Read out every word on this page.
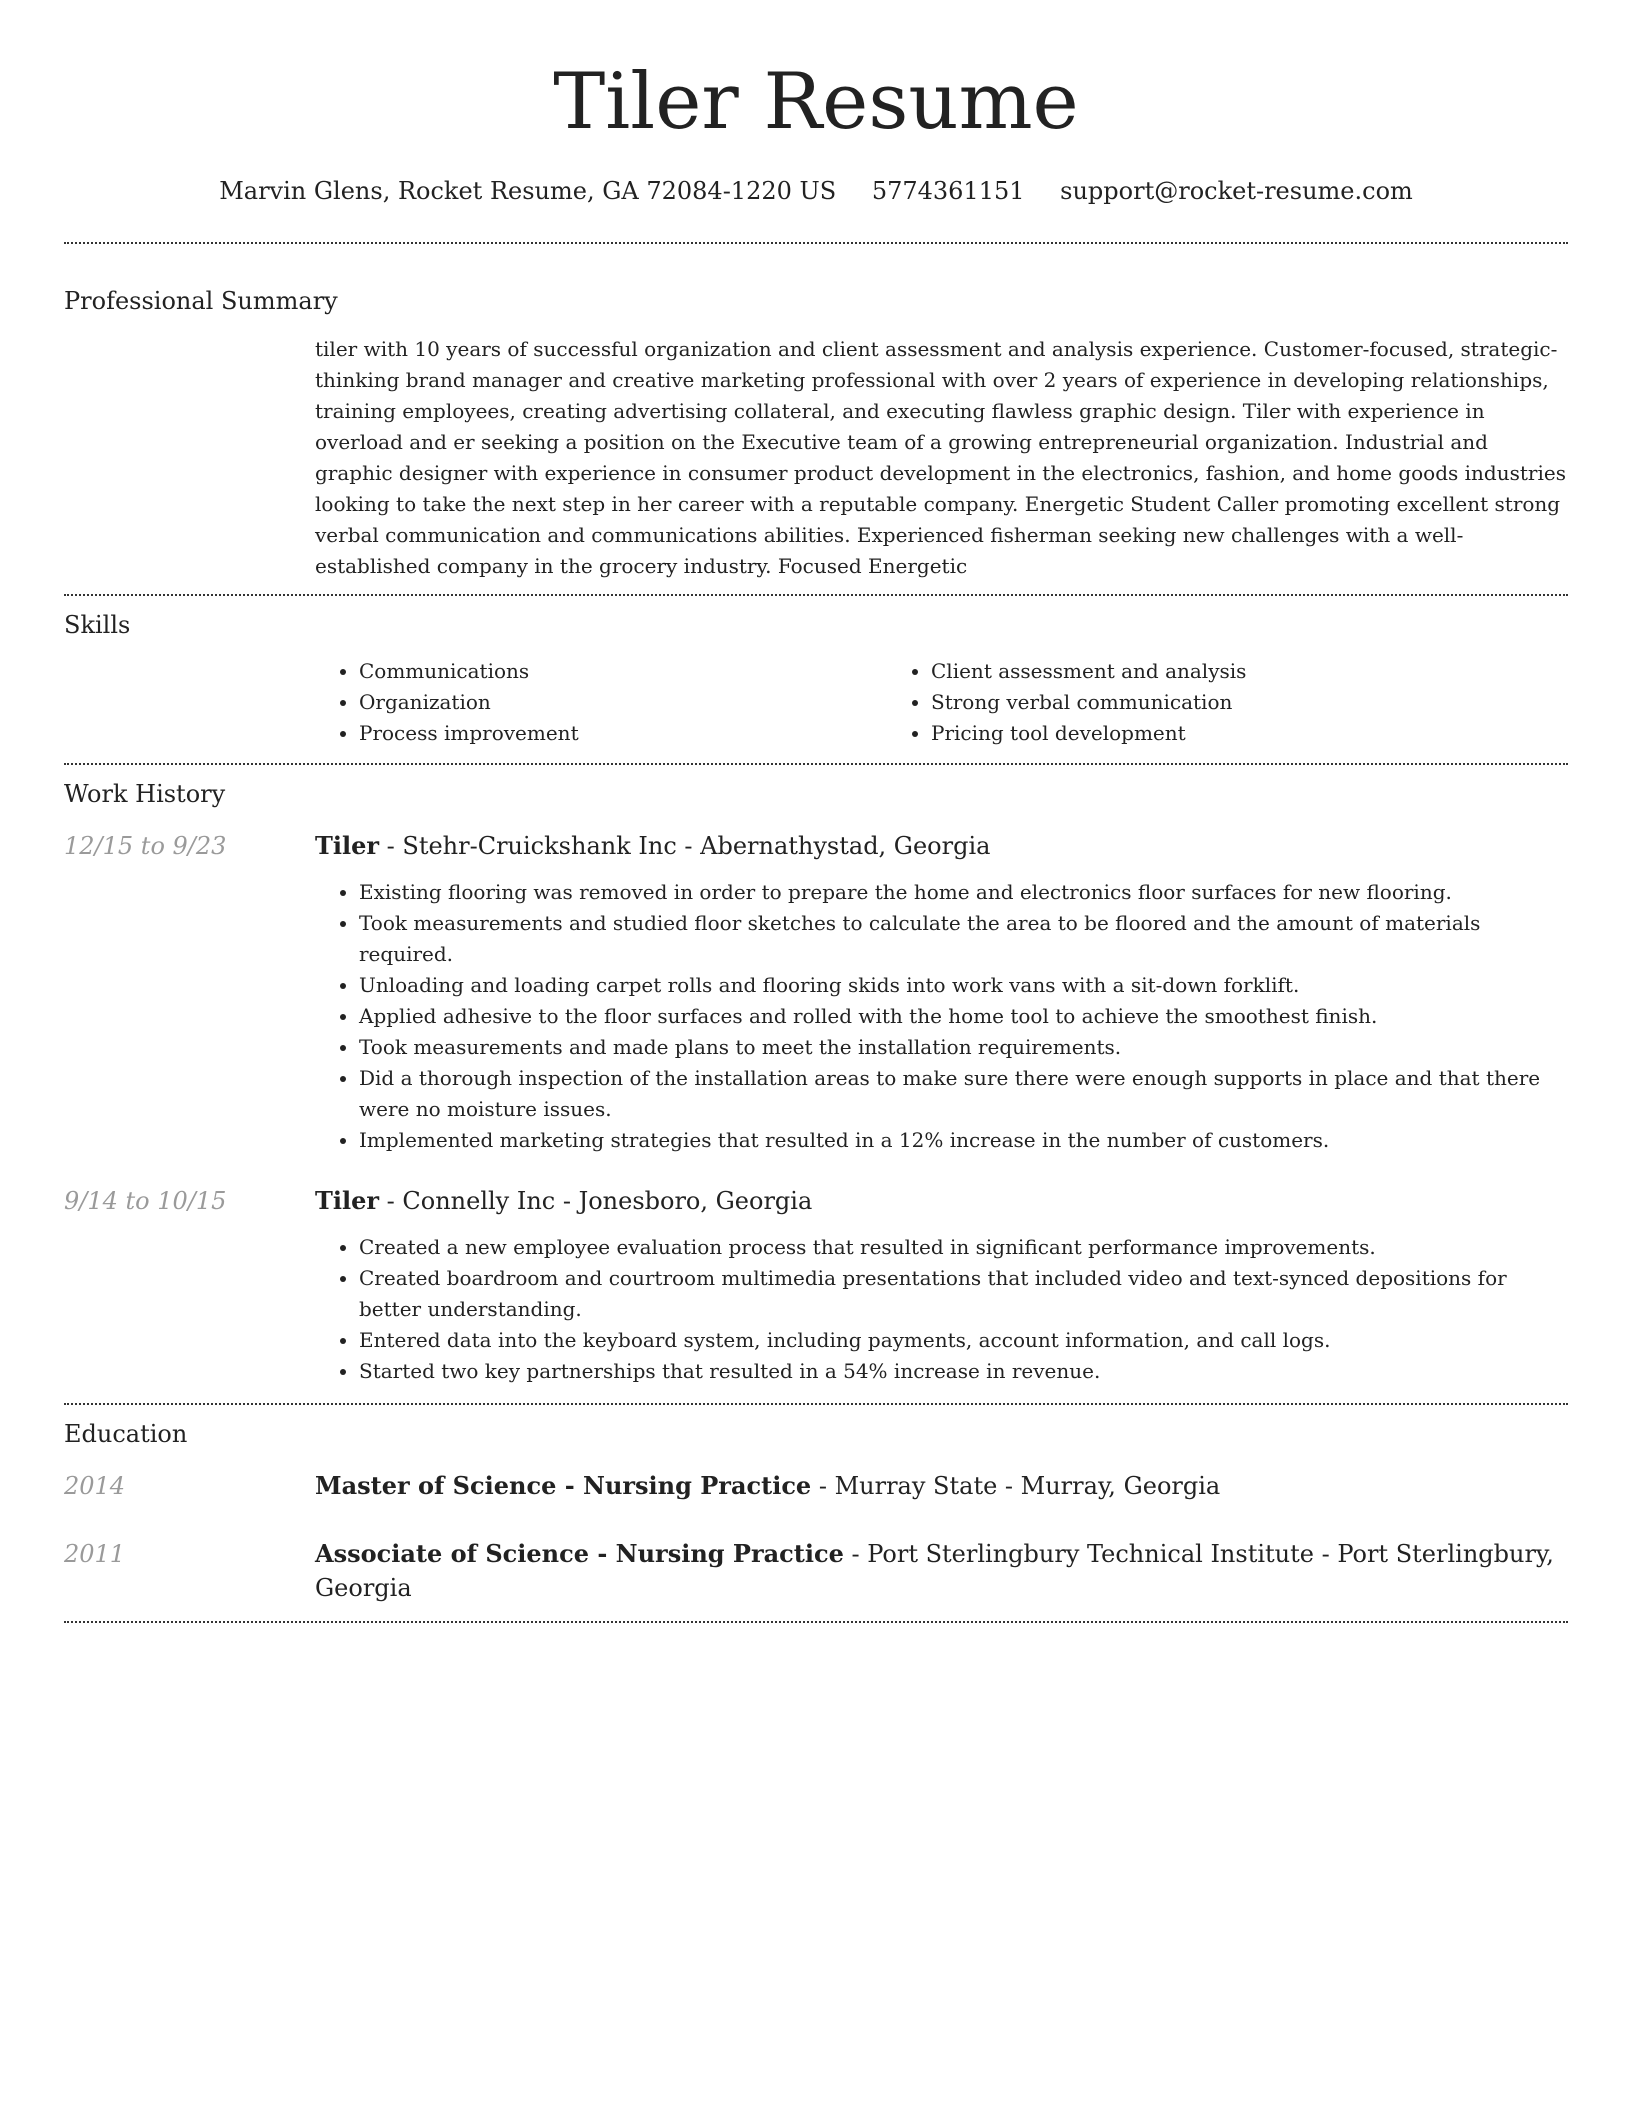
Tiler Resume
Marvin Glens, Rocket Resume, GA 72084-1220 US 5774361151 support@rocket-resume.com
Professional Summary
tiler with 10 years of successful organization and client assessment and analysis experience. Customer-focused, strategic-thinking brand manager and creative marketing professional with over 2 years of experience in developing relationships, training employees, creating advertising collateral, and executing flawless graphic design. Tiler with experience in overload and er seeking a position on the Executive team of a growing entrepreneurial organization. Industrial and graphic designer with experience in consumer product development in the electronics, fashion, and home goods industries looking to take the next step in her career with a reputable company. Energetic Student Caller promoting excellent strong verbal communication and communications abilities. Experienced fisherman seeking new challenges with a well-established company in the grocery industry. Focused Energetic
Skills
• Communications
• Organization
• Process improvement
• Client assessment and analysis
• Strong verbal communication
• Pricing tool development
Work History
12/15 to 9/23	Tiler - Stehr-Cruickshank Inc - Abernathystad, Georgia
• Existing flooring was removed in order to prepare the home and electronics floor surfaces for new flooring.
• Took measurements and studied floor sketches to calculate the area to be floored and the amount of materials required.
• Unloading and loading carpet rolls and flooring skids into work vans with a sit-down forklift.
• Applied adhesive to the floor surfaces and rolled with the home tool to achieve the smoothest finish.
• Took measurements and made plans to meet the installation requirements.
• Did a thorough inspection of the installation areas to make sure there were enough supports in place and that there were no moisture issues.
• Implemented marketing strategies that resulted in a 12% increase in the number of customers.
9/14 to 10/15	Tiler - Connelly Inc - Jonesboro, Georgia
• Created a new employee evaluation process that resulted in significant performance improvements.
• Created boardroom and courtroom multimedia presentations that included video and text-synced depositions for better understanding.
• Entered data into the keyboard system, including payments, account information, and call logs.
• Started two key partnerships that resulted in a 54% increase in revenue.
Education
2014	Master of Science - Nursing Practice - Murray State - Murray, Georgia
2011	Associate of Science - Nursing Practice - Port Sterlingbury Technical Institute - Port Sterlingbury, Georgia
